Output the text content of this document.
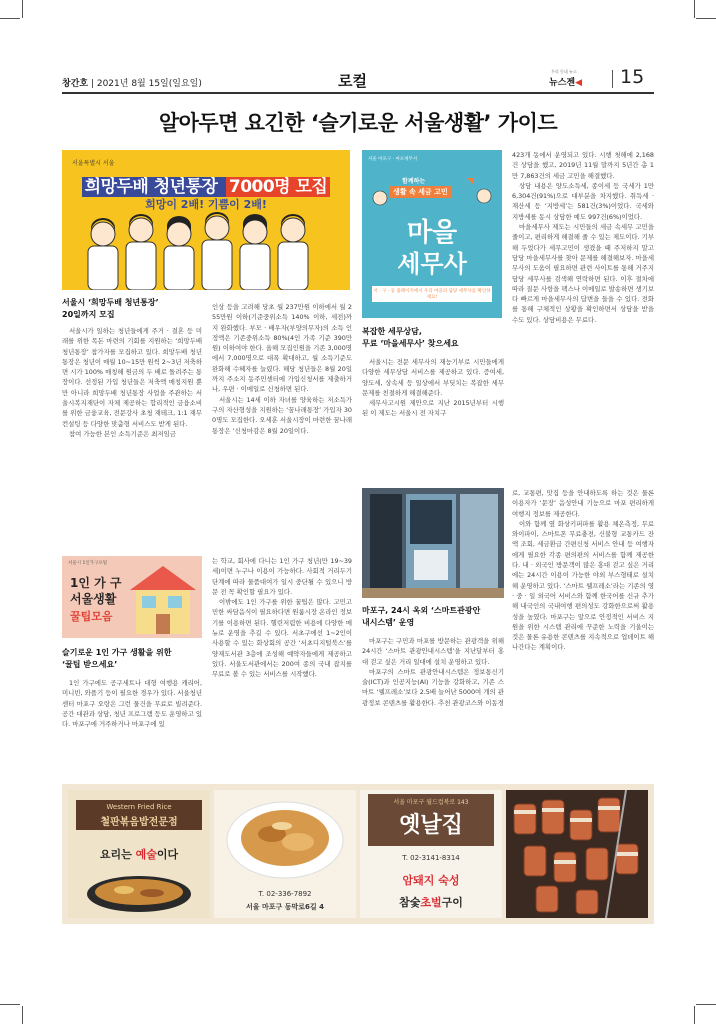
창간호 | 2021년 8월 15일(일요일)	로컬
우리 동네 뉴스
뉴스젠◀ 15
알아두면 요긴한 ‘슬기로운 서울생활’ 가이드
서울특별시 서울
희망두배 청년통장 7000명 모집
희망이 2배! 기쁨이 2배!
서울시 ‘희망두배 청년통장’
20일까지 모집

서울시가 일하는 청년들에게 주거 · 결혼 등 미래를 위한 목돈 마련의 기회를 지원하는 ‘희망두배 청년통장’ 참가자를 모집하고 있다. 희망두배 청년통장은 청년이 매월 10~15만 원씩 2~3년 저축하면 시가 100% 매칭해 원금의 두 배로 돌려주는 통장이다. 선정된 가입 청년들은 저축액 매칭지원 뿐만 아니라 희망두배 청년통장 사업을 주관하는 서울시복지재단이 자체 제공하는 합리적인 금융소비를 위한 금융교육, 전문강사 초청 재테크, 1:1 재무컨설팅 등 다양한 맞춤형 서비스도 받게 된다.

참여 가능한 본인 소득기준은 최저임금

인상 등을 고려해 당초 월 237만원 이하에서 월 255만원 이하(기준중위소득 140% 이하, 세전)까지 완화했다. 부모 · 배우자(부양의무자)의 소득 인정액은 기존중위소득 80%(4인 가족 기준 390만 원) 이하여야 한다. 올해 모집인원을 기존 3,000명에서 7,000명으로 대폭 확대하고, 월 소득기준도 완화해 수혜자를 늘렸다. 해당 청년들은 8월 20일까지 주소지 동주민센터에 가입신청서를 제출하거나, 우편 · 이메일로 신청하면 된다.

서울시는 14세 이하 자녀를 양육하는 저소득가구의 자산형성을 지원하는 ‘꿈나래통장’ 가입자 300명도 모집한다. 오세훈 서울시장이 마련한 꿈나래통장은 ‘신청마감은 8월 20일이다.

서울 마포구 · 마포세무서
함께하는
생활 속 세금 고민
마을
세무사
서 · 구 · 동 홈페이지에서 우리 마을의 담당 세무사를 확인하세요!
복잡한 세무상담,
무료 ‘마을세무사’ 찾으세요

서울시는 전문 세무사의 재능기부로 시민들에게 다양한 세무상담 서비스를 제공하고 있다. 증여세, 양도세, 상속세 등 일상에서 부딪치는 복잡한 세무문제를 친절하게 해결해준다.

세무사고시원 제안으로 지난 2015년부터 시행된 이 제도는 서울시 전 자치구

423개 동에서 운영되고 있다. 시행 첫해에 2,168건 상담을 했고, 2019년 11월 말까지 5년간 총 1만 7,863건의 세금 고민을 해결했다.

상담 내용은 양도소득세, 종이세 등 국세가 1만 6,304건(91%)으로 대부분을 차지했다. 취득세 · 재산세 등 ‘지방세’는 581건(3%)이었다. 국세와 지방세를 동시 상담한 예도 997건(6%)이었다.

마을세무사 제도는 시민들의 세금 속세무 고민을 줄이고, 편리하게 해결해 줄 수 있는 제도이다. 기부해 두었다가 세무고민이 생겼을 때 주저하지 말고 담당 마을세무사를 찾아 문제를 해결해보자. 마을세무사의 도움이 필요하면 관련 사이트를 통해 거주지 담당 세무사를 검색해 연락하면 된다. 이후 절차에 따라 질문 사항을 팩스나 이메일로 발송하면 생기보다 빠르게 마을세무사의 답변을 들을 수 있다. 전화를 통해 구체적인 상황을 확인하면서 상담을 받을 수도 있다. 상담비용은 무료다.

서울시 1인가구포털
1인 가 구
서울생활
꿀팁모음
슬기로운 1인 가구 생활을 위한
‘꿀팁 받으세요’

1인 가구에도 공구세트나 대형 여행용 캐리어, 미니빈, 와플기 등이 필요한 경우가 있다. 서울청년센터 마포구 오랑은 그런 물건을 무료로 빌려준다. 공간 대관과 상담, 청년 프로그램 등도 운영하고 있다. 마포구에 거주하거나 마포구에 있

는 학교, 회사에 다니는 1인 가구 청년(만 19~39세)이면 누구나 이용이 가능하다. 사회적 거리두기 단계에 따라 물품대여가 일시 중단될 수 있으니 방문 전 꼭 확인할 필요가 있다.

이밖에도 1인 가구를 위한 꿀팁은 많다. 고민고민한 싸담음식이 필요하다면 원룸시장 온라인 정보기를 이용하면 된다. 헬린저렴한 비용에 다양한 메뉴로 운영을 추길 수 있다. 서초구에선 1~2인이 사용할 수 있는 화상회의 공간 ‘서초디지털북스’를 양재도서관 3층에 조성해 예약자들에게 제공하고 있다. 서울도서관에서는 200여 종의 국내 잡지를 무료로 볼 수 있는 서비스를 시작했다.

마포구, 24시 옥외 ‘스마트관광안
내시스템’ 운영

마포구는 구민과 마포를 방문하는 관광객을 위해 24시간 ‘스마트 관광안내시스템’을 지난달부터 홍대 걷고 싶은 거리 일대에 설치 운영하고 있다.

마포구의 스마트 관광안내시스템은 정보통신기술(ICT)과 인공지능(AI) 기능을 강화하고, 기존 스마트 ‘웰프레소’보다 2.5배 늘어난 5000여 개의 관광정보 콘텐츠를 활용한다. 추천 관광코스와 이동경

로, 교통편, 맛집 등을 안내하도록 하는 것은 물론 이용자가 ‘문장’ 음성안내 기능으로 마포 편리하게 여행지 정보를 제공한다.

이와 함께 옆 화상키퍼파를 활용 체온측정, 무료 와이파이, 스마트폰 무료충전, 신불형 교통카드 잔액 조회, 세금환급 간편신청 서비스 안내 등 여행자에게 필요한 각종 편의편의 서비스를 함께 제공한다. 내 · 외국인 방문객이 많은 홍대 걷고 싶은 거리에는 24시간 이용이 가능한 야외 부스형태로 설치해 운영하고 있다. ‘스마트 웰프레소’라는 기존의 영 · 중 · 일 외국어 서비스와 함께 한국어를 신규 추가해 내국인의 국내여행 편의성도 강화한으로써 활용성을 높였다. 마포구는 앞으로 안정적인 서비스 지원을 위한 시스템 관리에 꾸준한 노력을 기울이는 것은 물론 유용한 콘텐츠를 지속적으로 업데이트 해 나간다는 계획이다.

Western Fried Rice
철판볶음밥전문점
요리는 예술이다
T. 02-336-7892
서울 마포구 동막로6길 4
서울 마포구 월드컵북로 143
옛날집
T. 02-3141-8314
암돼지 숙성
참숯초벌구이
